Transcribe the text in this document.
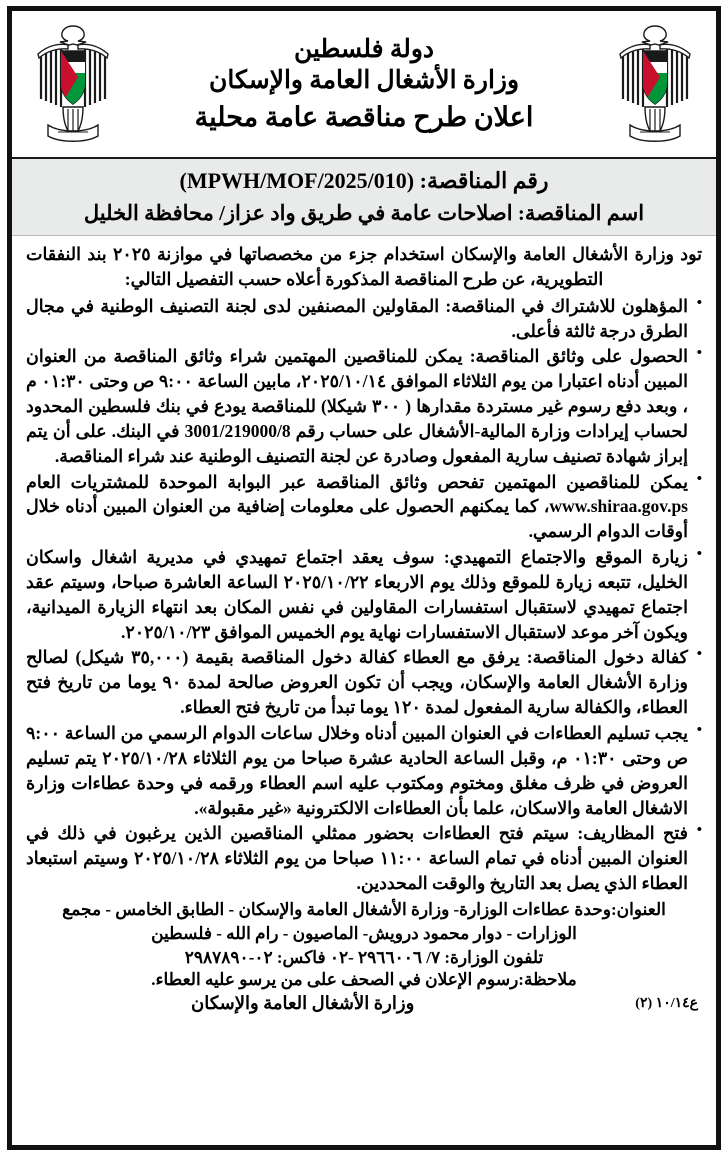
دولة فلسطين
وزارة الأشغال العامة والإسكان
اعلان طرح مناقصة عامة محلية
رقم المناقصة: (MPWH/MOF/2025/010)
اسم المناقصة: اصلاحات عامة في طريق واد عزاز/ محافظة الخليل
تود وزارة الأشغال العامة والإسكان استخدام جزء من مخصصاتها في موازنة ٢٠٢٥ بند النفقات التطويرية، عن طرح المناقصة المذكورة أعلاه حسب التفصيل التالي:
• المؤهلون للاشتراك في المناقصة: المقاولين المصنفين لدى لجنة التصنيف الوطنية في مجال الطرق درجة ثالثة فأعلى.
• الحصول على وثائق المناقصة: يمكن للمناقصين المهتمين شراء وثائق المناقصة من العنوان المبين أدناه اعتبارا من يوم الثلاثاء الموافق ٢٠٢٥/١٠/١٤، مابين الساعة ٩:٠٠ ص وحتى ٠١:٣٠ م ، وبعد دفع رسوم غير مستردة مقدارها ( ٣٠٠ شيكلا) للمناقصة يودع في بنك فلسطين المحدود لحساب إيرادات وزارة المالية-الأشغال على حساب رقم 3001/219000/8 في البنك. على أن يتم إبراز شهادة تصنيف سارية المفعول وصادرة عن لجنة التصنيف الوطنية عند شراء المناقصة.
• يمكن للمناقصين المهتمين تفحص وثائق المناقصة عبر البوابة الموحدة للمشتريات العام www.shiraa.gov.ps، كما يمكنهم الحصول على معلومات إضافية من العنوان المبين أدناه خلال أوقات الدوام الرسمي.
• زيارة الموقع والاجتماع التمهيدي: سوف يعقد اجتماع تمهيدي في مديرية اشغال واسكان الخليل، تتبعه زيارة للموقع وذلك يوم الاربعاء ٢٠٢٥/١٠/٢٢ الساعة العاشرة صباحا، وسيتم عقد اجتماع تمهيدي لاستقبال استفسارات المقاولين في نفس المكان بعد انتهاء الزيارة الميدانية، ويكون آخر موعد لاستقبال الاستفسارات نهاية يوم الخميس الموافق ٢٠٢٥/١٠/٢٣.
• كفالة دخول المناقصة: يرفق مع العطاء كفالة دخول المناقصة بقيمة (٣٥,٠٠٠ شيكل) لصالح وزارة الأشغال العامة والإسكان، ويجب أن تكون العروض صالحة لمدة ٩٠ يوما من تاريخ فتح العطاء، والكفالة سارية المفعول لمدة ١٢٠ يوما تبدأ من تاريخ فتح العطاء.
• يجب تسليم العطاءات في العنوان المبين أدناه وخلال ساعات الدوام الرسمي من الساعة ٩:٠٠ ص وحتى ٠١:٣٠ م، وقبل الساعة الحادية عشرة صباحا من يوم الثلاثاء ٢٠٢٥/١٠/٢٨ يتم تسليم العروض في ظرف مغلق ومختوم ومكتوب عليه اسم العطاء ورقمه في وحدة عطاءات وزارة الاشغال العامة والاسكان، علما بأن العطاءات الالكترونية «غير مقبولة».
• فتح المظاريف: سيتم فتح العطاءات بحضور ممثلي المناقصين الذين يرغبون في ذلك في العنوان المبين أدناه في تمام الساعة ١١:٠٠ صباحا من يوم الثلاثاء ٢٠٢٥/١٠/٢٨ وسيتم استبعاد العطاء الذي يصل بعد التاريخ والوقت المحددين.
العنوان:وحدة عطاءات الوزارة- وزارة الأشغال العامة والإسكان - الطابق الخامس - مجمع
الوزارات - دوار محمود درويش- الماصيون - رام الله - فلسطين
تلفون الوزارة: ٧/ ٢٩٦٦٠٠٦ -٠٢ فاكس: ٠٢-٢٩٨٧٨٩٠
ملاحظة:رسوم الإعلان في الصحف على من يرسو عليه العطاء.
ع١٠/١٤ (٢)
وزارة الأشغال العامة والإسكان
